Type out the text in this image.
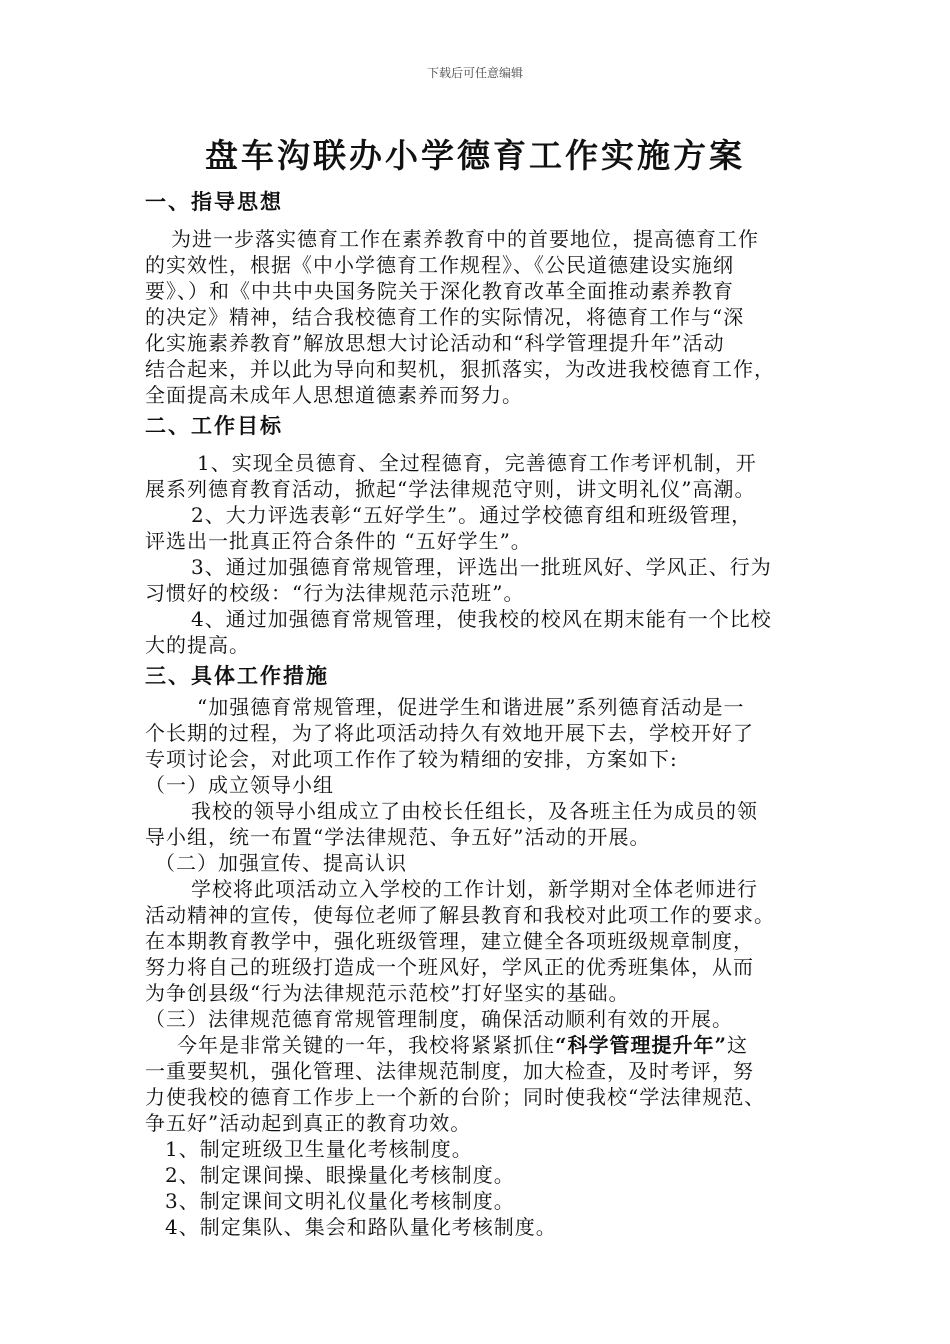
下载后可任意编辑
盘车沟联办小学德育工作实施方案
一、指导思想
为进一步落实德育工作在素养教育中的首要地位，提高德育工作
的实效性，根据《中小学德育工作规程》、《公民道德建设实施纲
要》、）和《中共中央国务院关于深化教育改革全面推动素养教育
的决定》精神，结合我校德育工作的实际情况，将德育工作与“深
化实施素养教育”解放思想大讨论活动和“科学管理提升年”活动
结合起来，并以此为导向和契机，狠抓落实，为改进我校德育工作，
全面提高未成年人思想道德素养而努力。
二、工作目标
1、实现全员德育、全过程德育，完善德育工作考评机制，开
展系列德育教育活动，掀起“学法律规范守则，讲文明礼仪”高潮。
2、大力评选表彰“五好学生”。通过学校德育组和班级管理，
评选出一批真正符合条件的 “五好学生”。
3、通过加强德育常规管理，评选出一批班风好、学风正、行为
习惯好的校级：“行为法律规范示范班”。
4、通过加强德育常规管理，使我校的校风在期末能有一个比校
大的提高。
三、具体工作措施
“加强德育常规管理，促进学生和谐进展”系列德育活动是一
个长期的过程，为了将此项活动持久有效地开展下去，学校开好了
专项讨论会，对此项工作作了较为精细的安排，方案如下:
（一）成立领导小组
我校的领导小组成立了由校长任组长，及各班主任为成员的领
导小组，统一布置“学法律规范、争五好”活动的开展。
（二）加强宣传、提高认识
学校将此项活动立入学校的工作计划，新学期对全体老师进行
活动精神的宣传，使每位老师了解县教育和我校对此项工作的要求。
在本期教育教学中，强化班级管理，建立健全各项班级规章制度，
努力将自己的班级打造成一个班风好，学风正的优秀班集体，从而
为争创县级“行为法律规范示范校”打好坚实的基础。
（三）法律规范德育常规管理制度，确保活动顺利有效的开展。
今年是非常关键的一年，我校将紧紧抓住“科学管理提升年”这
一重要契机，强化管理、法律规范制度，加大检查，及时考评，努
力使我校的德育工作步上一个新的台阶；同时使我校“学法律规范、
争五好”活动起到真正的教育功效。
1、制定班级卫生量化考核制度。
2、制定课间操、眼操量化考核制度。
3、制定课间文明礼仪量化考核制度。
4、制定集队、集会和路队量化考核制度。
